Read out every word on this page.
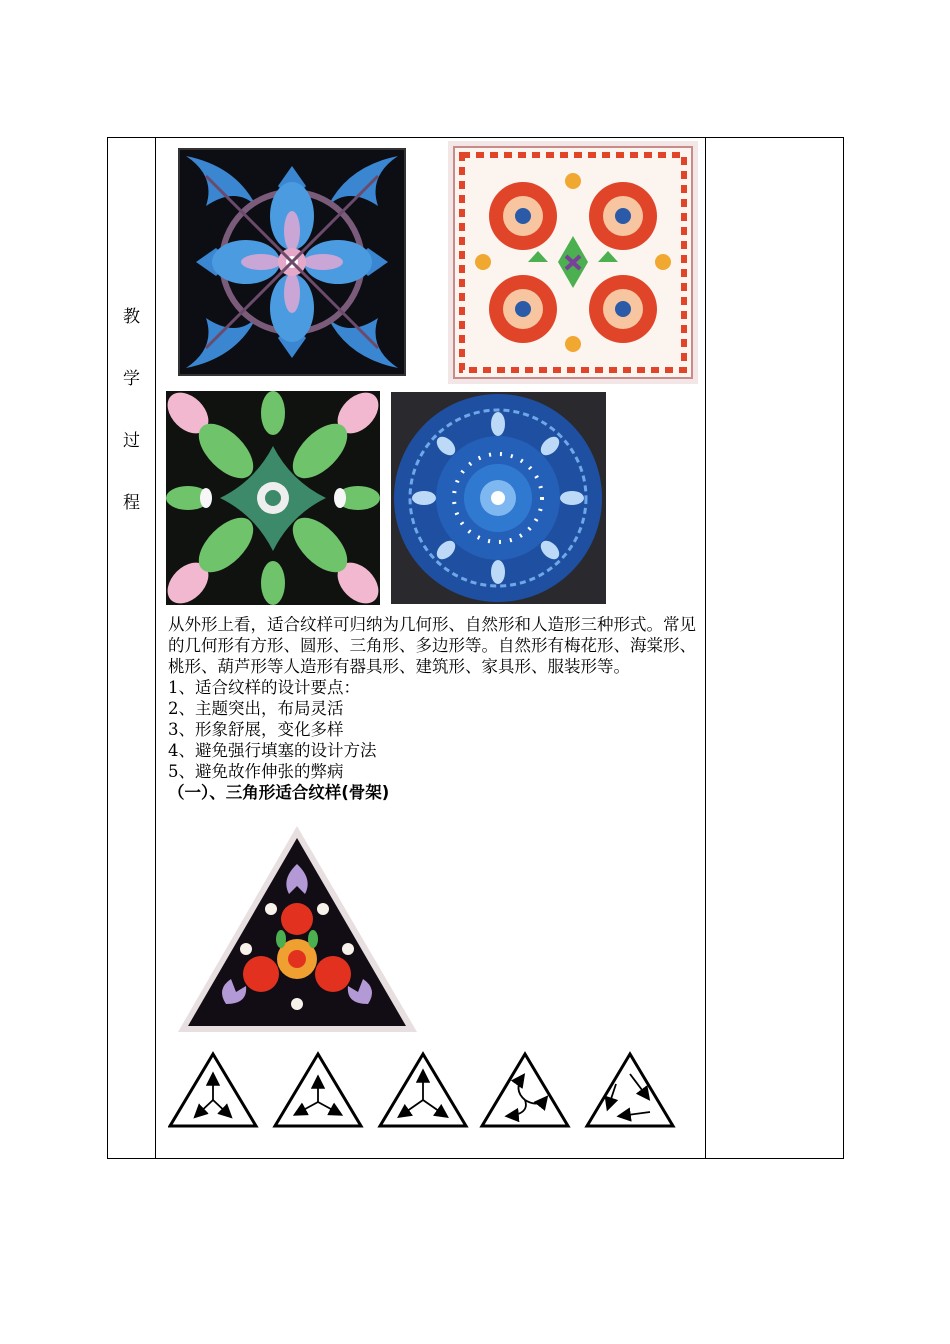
教
学
过
程

从外形上看，适合纹样可归纳为几何形、自然形和人造形三种形式。常见的几何形有方形、圆形、三角形、多边形等。自然形有梅花形、海棠形、桃形、葫芦形等人造形有器具形、建筑形、家具形、服装形等。

1、适合纹样的设计要点：

2、主题突出，布局灵活

3、形象舒展，变化多样

4、避免强行填塞的设计方法

5、避免故作伸张的弊病

（一）、三角形适合纹样(骨架)
